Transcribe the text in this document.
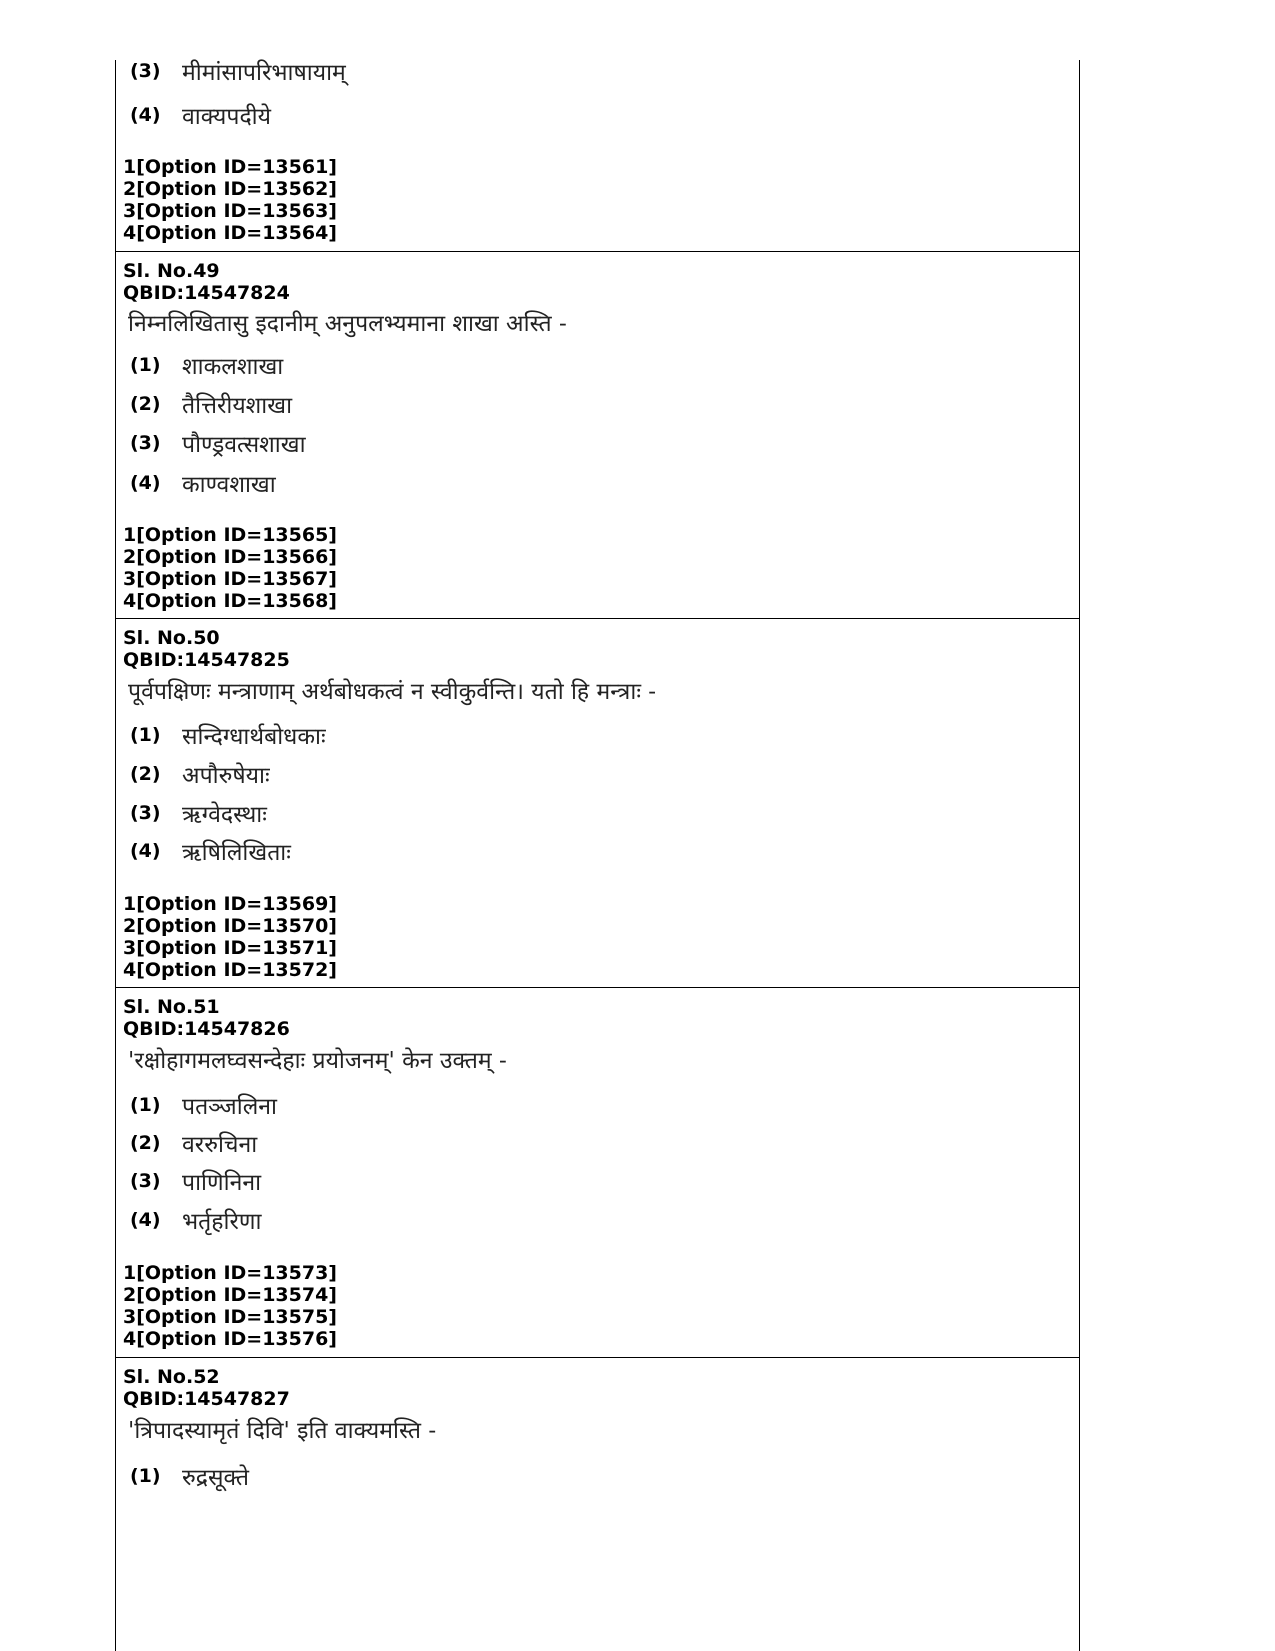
(3) मीमांसापरिभाषायाम्
(4) वाक्यपदीये
1[Option ID=13561]
2[Option ID=13562]
3[Option ID=13563]
4[Option ID=13564]
Sl. No.49
QBID:14547824
निम्नलिखितासु इदानीम् अनुपलभ्यमाना शाखा अस्ति -
(1) शाकलशाखा
(2) तैत्तिरीयशाखा
(3) पौण्ड्रवत्सशाखा
(4) काण्वशाखा
1[Option ID=13565]
2[Option ID=13566]
3[Option ID=13567]
4[Option ID=13568]
Sl. No.50
QBID:14547825
पूर्वपक्षिणः मन्त्राणाम् अर्थबोधकत्वं न स्वीकुर्वन्ति। यतो हि मन्त्राः -
(1) सन्दिग्धार्थबोधकाः
(2) अपौरुषेयाः
(3) ऋग्वेदस्थाः
(4) ऋषिलिखिताः
1[Option ID=13569]
2[Option ID=13570]
3[Option ID=13571]
4[Option ID=13572]
Sl. No.51
QBID:14547826
'रक्षोहागमलघ्वसन्देहाः प्रयोजनम्' केन उक्तम् -
(1) पतञ्जलिना
(2) वररुचिना
(3) पाणिनिना
(4) भर्तृहरिणा
1[Option ID=13573]
2[Option ID=13574]
3[Option ID=13575]
4[Option ID=13576]
Sl. No.52
QBID:14547827
'त्रिपादस्यामृतं दिवि' इति वाक्यमस्ति -
(1) रुद्रसूक्ते
